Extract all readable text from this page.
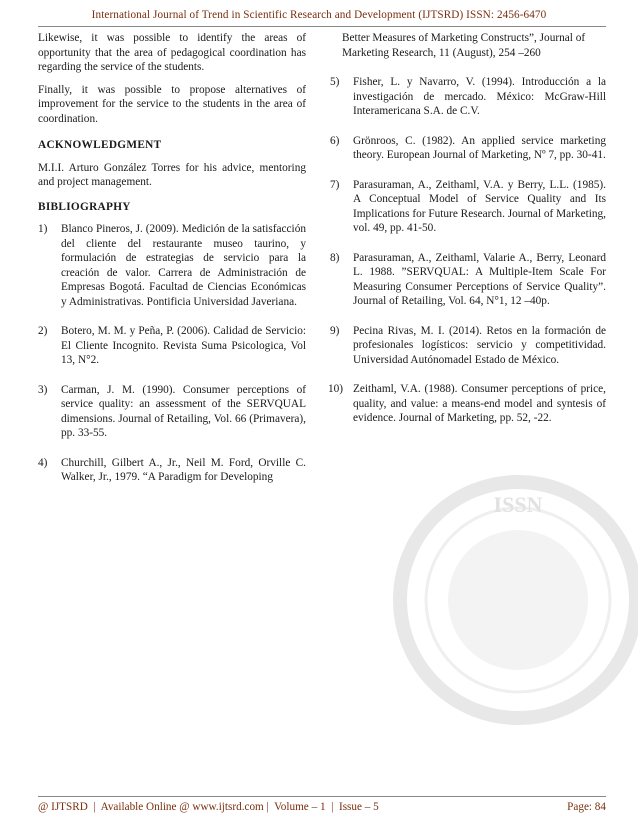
International Journal of Trend in Scientific Research and Development (IJTSRD) ISSN: 2456-6470
ISSN

Likewise, it was possible to identify the areas of opportunity that the area of pedagogical coordination has regarding the service of the students.

Finally, it was possible to propose alternatives of improvement for the service to the students in the area of coordination.

ACKNOWLEDGMENT

M.I.I. Arturo González Torres for his advice, mentoring and project management.

BIBLIOGRAPHY
1) Blanco Pineros, J. (2009). Medición de la satisfacción del cliente del restaurante museo taurino, y formulación de estrategias de servicio para la creación de valor. Carrera de Administración de Empresas Bogotá. Facultad de Ciencias Económicas y Administrativas. Pontificia Universidad Javeriana.
2) Botero, M. M. y Peña, P. (2006). Calidad de Servicio: El Cliente Incognito. Revista Suma Psicologica, Vol 13, N°2.
3) Carman, J. M. (1990). Consumer perceptions of service quality: an assessment of the SERVQUAL dimensions. Journal of Retailing, Vol. 66 (Primavera), pp. 33-55.
4) Churchill, Gilbert A., Jr., Neil M. Ford, Orville C. Walker, Jr., 1979. “A Paradigm for Developing
Better Measures of Marketing Constructs”, Journal of Marketing Research, 11 (August), 254 –260
5) Fisher, L. y Navarro, V. (1994). Introducción a la investigación de mercado. México: McGraw-Hill Interamericana S.A. de C.V.
6) Grönroos, C. (1982). An applied service marketing theory. European Journal of Marketing, Nº 7, pp. 30-41.
7) Parasuraman, A., Zeithaml, V.A. y Berry, L.L. (1985). A Conceptual Model of Service Quality and Its Implications for Future Research. Journal of Marketing, vol. 49, pp. 41-50.
8) Parasuraman, A., Zeithaml, Valarie A., Berry, Leonard L. 1988. ”SERVQUAL: A Multiple-Item Scale For Measuring Consumer Perceptions of Service Quality”. Journal of Retailing, Vol. 64, N°1, 12 –40p.
9) Pecina Rivas, M. I. (2014). Retos en la formación de profesionales logísticos: servicio y competitividad. Universidad Autónomadel Estado de México.
10) Zeithaml, V.A. (1988). Consumer perceptions of price, quality, and value: a means-end model and syntesis of evidence. Journal of Marketing, pp. 52, -22.
@ IJTSRD  |  Available Online @ www.ijtsrd.com |  Volume – 1  |  Issue – 5	Page: 84
